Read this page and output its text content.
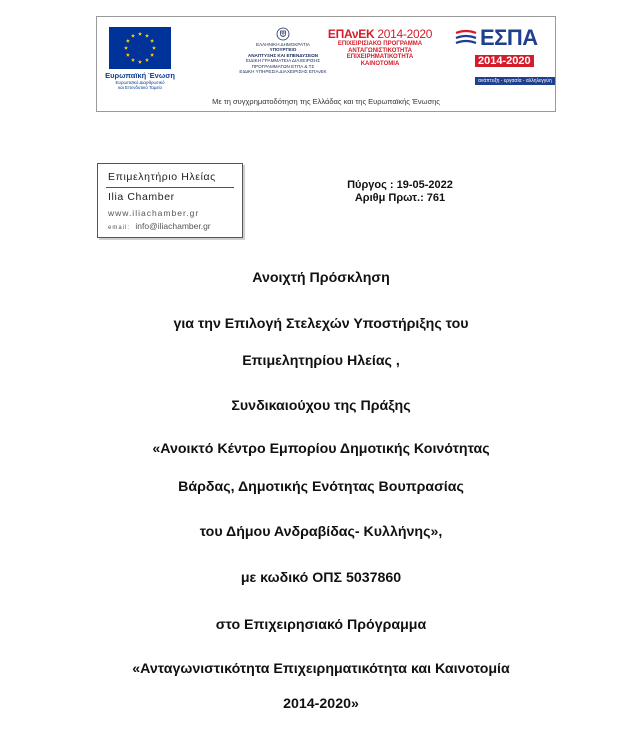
Ευρωπαϊκή Ένωση
Ευρωπαϊκό Διαρθρωτικό
και Επενδυτικό Ταμείο
ΕΛΛΗΝΙΚΗ ΔΗΜΟΚΡΑΤΙΑ
ΥΠΟΥΡΓΕΙΟ
ΑΝΑΠΤΥΞΗΣ ΚΑΙ ΕΠΕΝΔΥΣΕΩΝ
ΕΙΔΙΚΗ ΓΡΑΜΜΑΤΕΙΑ ΔΙΑΧΕΙΡΙΣΗΣ
ΠΡΟΓΡΑΜΜΑΤΩΝ ΕΤΠΑ & ΤΣ
ΕΙΔΙΚΗ ΥΠΗΡΕΣΙΑ ΔΙΑΧΕΙΡΙΣΗΣ ΕΠΑνΕΚ
ΕΠΑνΕΚ 2014-2020
ΕΠΙΧΕΙΡΙΣΙΑΚΟ ΠΡΟΓΡΑΜΜΑ
ΑΝΤΑΓΩΝΙΣΤΙΚΟΤΗΤΑ
ΕΠΙΧΕΙΡΗΜΑΤΙΚΟΤΗΤΑ
ΚΑΙΝΟΤΟΜΙΑ
ΕΣΠΑ
2014-2020 ανάπτυξη - εργασία - αλληλεγγύη
Με τη συγχρηματοδότηση της Ελλάδας και της Ευρωπαϊκής Ένωσης
Επιμελητήριο Ηλείας
Ilia Chamber
www.iliachamber.gr
email: info@iliachamber.gr
Πύργος : 19-05-2022
Αριθμ Πρωτ.: 761
Ανοιχτή Πρόσκληση
για την Επιλογή Στελεχών Υποστήριξης του
Επιμελητηρίου Ηλείας ,
Συνδικαιούχου της Πράξης
«Ανοικτό Κέντρο Εμπορίου Δημοτικής Κοινότητας
Βάρδας, Δημοτικής Ενότητας Βουπρασίας
του Δήμου Ανδραβίδας- Κυλλήνης»,
με κωδικό ΟΠΣ 5037860
στο Επιχειρησιακό Πρόγραμμα
«Ανταγωνιστικότητα Επιχειρηματικότητα και Καινοτομία
2014-2020»
